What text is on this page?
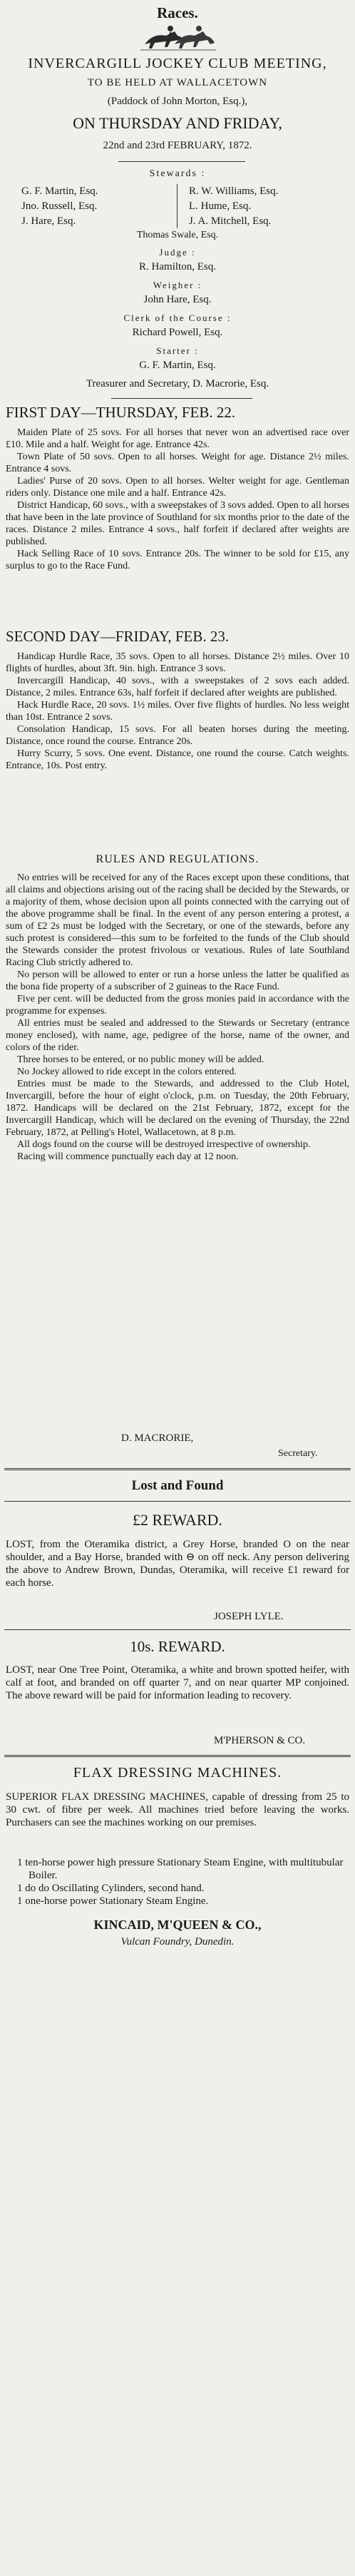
Races.
INVERCARGILL JOCKEY CLUB MEETING,
TO BE HELD AT WALLACETOWN
(Paddock of John Morton, Esq.),
ON THURSDAY AND FRIDAY,
22nd and 23rd FEBRUARY, 1872.
Stewards :
G. F. Martin, Esq.
Jno. Russell, Esq.
J. Hare, Esq.
R. W. Williams, Esq.
L. Hume, Esq.
J. A. Mitchell, Esq.
Thomas Swale, Esq.
Judge :
R. Hamilton, Esq.
Weigher :
John Hare, Esq.
Clerk of the Course :
Richard Powell, Esq.
Starter :
G. F. Martin, Esq.
Treasurer and Secretary, D. Macrorie, Esq.
FIRST DAY—THURSDAY, FEB. 22.

Maiden Plate of 25 sovs. For all horses that never won an advertised race over £10. Mile and a half. Weight for age. Entrance 42s.

Town Plate of 50 sovs. Open to all horses. Weight for age. Distance 2½ miles. Entrance 4 sovs.

Ladies' Purse of 20 sovs. Open to all horses. Welter weight for age. Gentleman riders only. Distance one mile and a half. Entrance 42s.

District Handicap, 60 sovs., with a sweepstakes of 3 sovs added. Open to all horses that have been in the late province of Southland for six months prior to the date of the races. Distance 2 miles. Entrance 4 sovs., half forfeit if declared after weights are published.

Hack Selling Race of 10 sovs. Entrance 20s. The winner to be sold for £15, any surplus to go to the Race Fund.

SECOND DAY—FRIDAY, FEB. 23.

Handicap Hurdle Race, 35 sovs. Open to all horses. Distance 2½ miles. Over 10 flights of hurdles, about 3ft. 9in. high. Entrance 3 sovs.

Invercargill Handicap, 40 sovs., with a sweepstakes of 2 sovs each added. Distance, 2 miles. Entrance 63s, half forfeit if declared after weights are published.

Hack Hurdle Race, 20 sovs. 1½ miles. Over five flights of hurdles. No less weight than 10st. Entrance 2 sovs.

Consolation Handicap, 15 sovs. For all beaten horses during the meeting. Distance, once round the course. Entrance 20s.

Hurry Scurry, 5 sovs. One event. Distance, one round the course. Catch weights. Entrance, 10s. Post entry.

RULES AND REGULATIONS.

No entries will be received for any of the Races except upon these conditions, that all claims and objections arising out of the racing shall be decided by the Stewards, or a majority of them, whose decision upon all points connected with the carrying out of the above programme shall be final. In the event of any person entering a protest, a sum of £2 2s must be lodged with the Secretary, or one of the stewards, before any such protest is considered—this sum to be forfeited to the funds of the Club should the Stewards consider the protest frivolous or vexatious. Rules of late Southland Racing Club strictly adhered to.

No person will be allowed to enter or run a horse unless the latter be qualified as the bona fide property of a subscriber of 2 guineas to the Race Fund.

Five per cent. will be deducted from the gross monies paid in accordance with the programme for expenses.

All entries must be sealed and addressed to the Stewards or Secretary (entrance money enclosed), with name, age, pedigree of the horse, name of the owner, and colors of the rider.

Three horses to be entered, or no public money will be added.

No Jockey allowed to ride except in the colors entered.

Entries must be made to the Stewards, and addressed to the Club Hotel, Invercargill, before the hour of eight o'clock, p.m. on Tuesday, the 20th February, 1872. Handicaps will be declared on the 21st February, 1872, except for the Invercargill Handicap, which will be declared on the evening of Thursday, the 22nd February, 1872, at Pelling's Hotel, Wallacetown, at 8 p.m.

All dogs found on the course will be destroyed irrespective of ownership.

Racing will commence punctually each day at 12 noon.

D. MACRORIE,
Secretary.
Lost and Found
£2 REWARD.
LOST, from the Oteramika district, a Grey Horse, branded O on the near shoulder, and a Bay Horse, branded with ⊖ on off neck. Any person delivering the above to Andrew Brown, Dundas, Oteramika, will receive £1 reward for each horse.
JOSEPH LYLE.
10s. REWARD.
LOST, near One Tree Point, Oteramika, a white and brown spotted heifer, with calf at foot, and branded on off quarter 7, and on near quarter MP conjoined. The above reward will be paid for information leading to recovery.
M'PHERSON & CO.
FLAX DRESSING MACHINES.
SUPERIOR FLAX DRESSING MACHINES, capable of dressing from 25 to 30 cwt. of fibre per week. All machines tried before leaving the works. Purchasers can see the machines working on our premises.

1 ten-horse power high pressure Stationary Steam Engine, with multitubular Boiler.

1 do do Oscillating Cylinders, second hand.

1 one-horse power Stationary Steam Engine.

KINCAID, M'QUEEN & CO.,
Vulcan Foundry, Dunedin.
